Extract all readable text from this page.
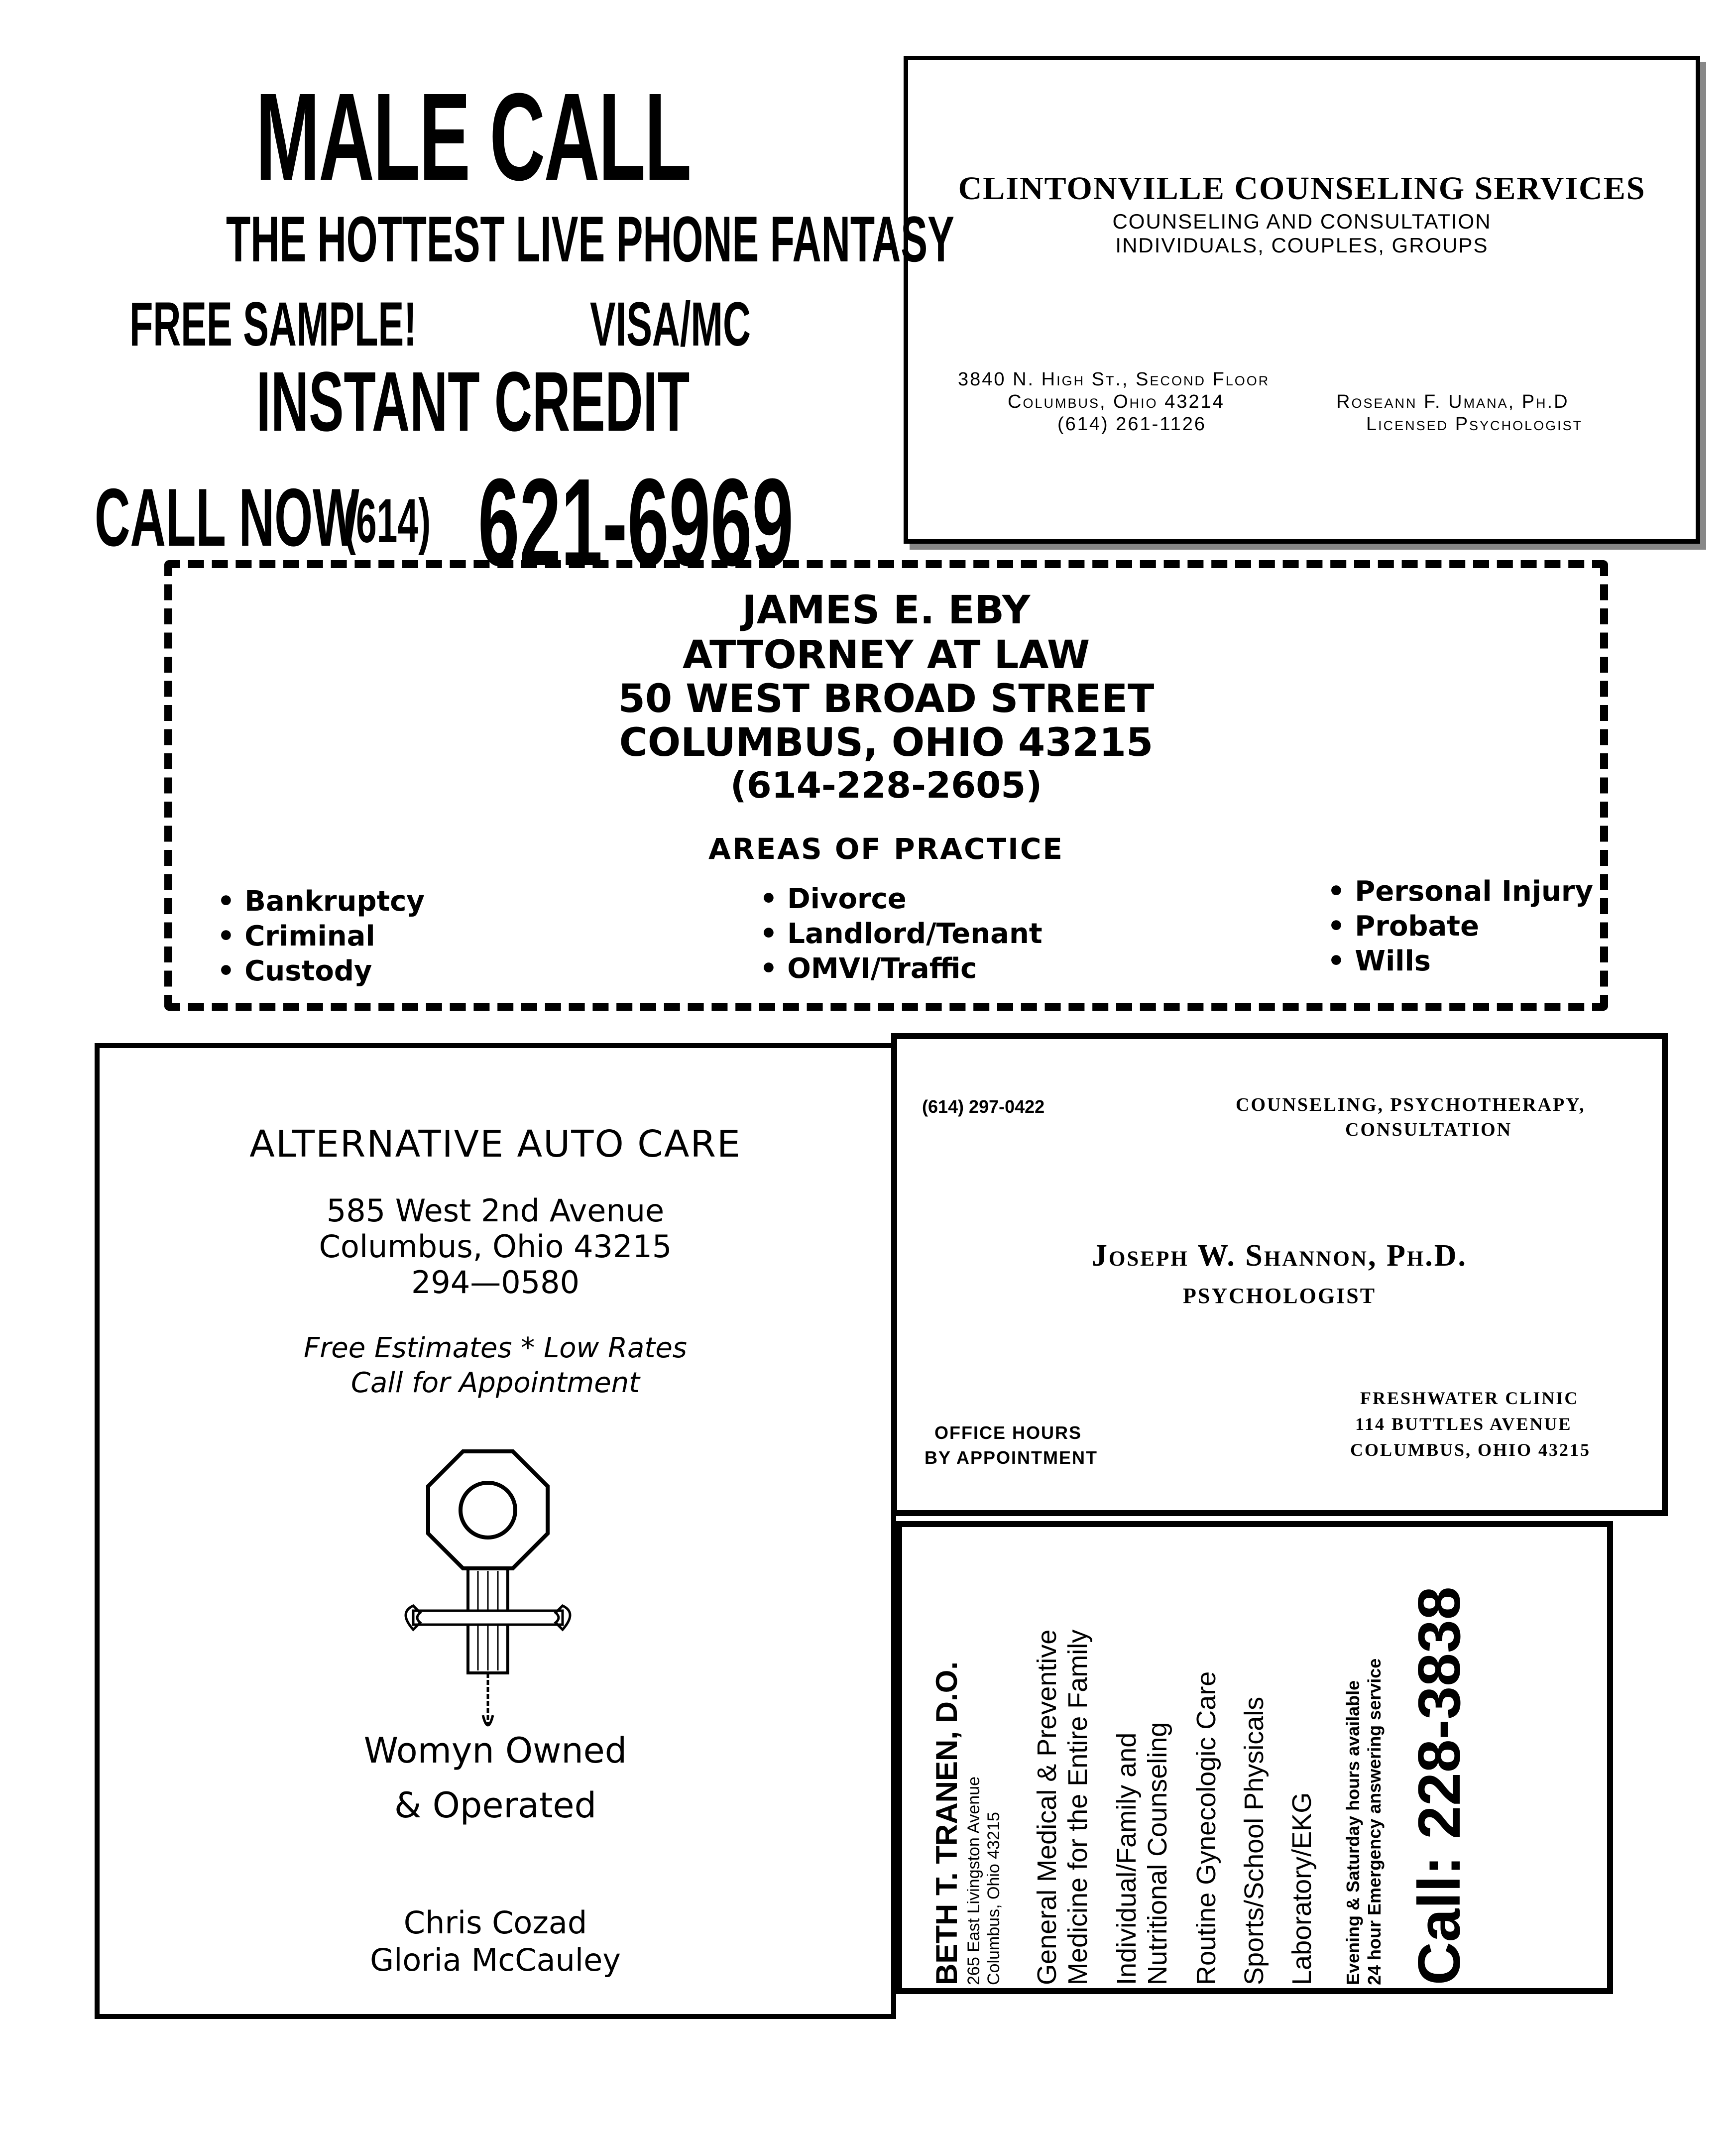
MALE CALL
THE HOTTEST LIVE PHONE FANTASY
FREE SAMPLE!	VISA/MC
INSTANT CREDIT
CALL NOW
(614) 621-6969
CLINTONVILLE COUNSELING SERVICES
COUNSELING AND CONSULTATION
INDIVIDUALS, COUPLES, GROUPS
3840 N. High St., Second Floor
Columbus, Ohio 43214
(614) 261-1126
Roseann F. Umana, Ph.D
Licensed Psychologist
JAMES E. EBY
ATTORNEY AT LAW
50 WEST BROAD STREET
COLUMBUS, OHIO 43215
(614-228-2605)
AREAS OF PRACTICE
• Bankruptcy
• Criminal
• Custody
• Divorce
• Landlord/Tenant
• OMVI/Traffic
• Personal Injury
• Probate
• Wills
ALTERNATIVE AUTO CARE
585 West 2nd Avenue
Columbus, Ohio 43215
294—0580
Free Estimates * Low Rates
Call for Appointment
Womyn Owned
& Operated
Chris Cozad
Gloria McCauley
(614) 297-0422	COUNSELING, PSYCHOTHERAPY,
CONSULTATION
Joseph W. Shannon, Ph.D.
PSYCHOLOGIST
OFFICE HOURS
BY APPOINTMENT
FRESHWATER CLINIC
114 BUTTLES AVENUE
COLUMBUS, OHIO 43215
BETH T. TRANEN, D.O. 265 East Livingston Avenue Columbus, Ohio 43215 General Medical & Preventive Medicine for the Entire Family Individual/Family and Nutritional Counseling Routine Gynecologic Care Sports/School Physicals Laboratory/EKG Evening & Saturday hours available 24 hour Emergency answering service Call: 228-3838
